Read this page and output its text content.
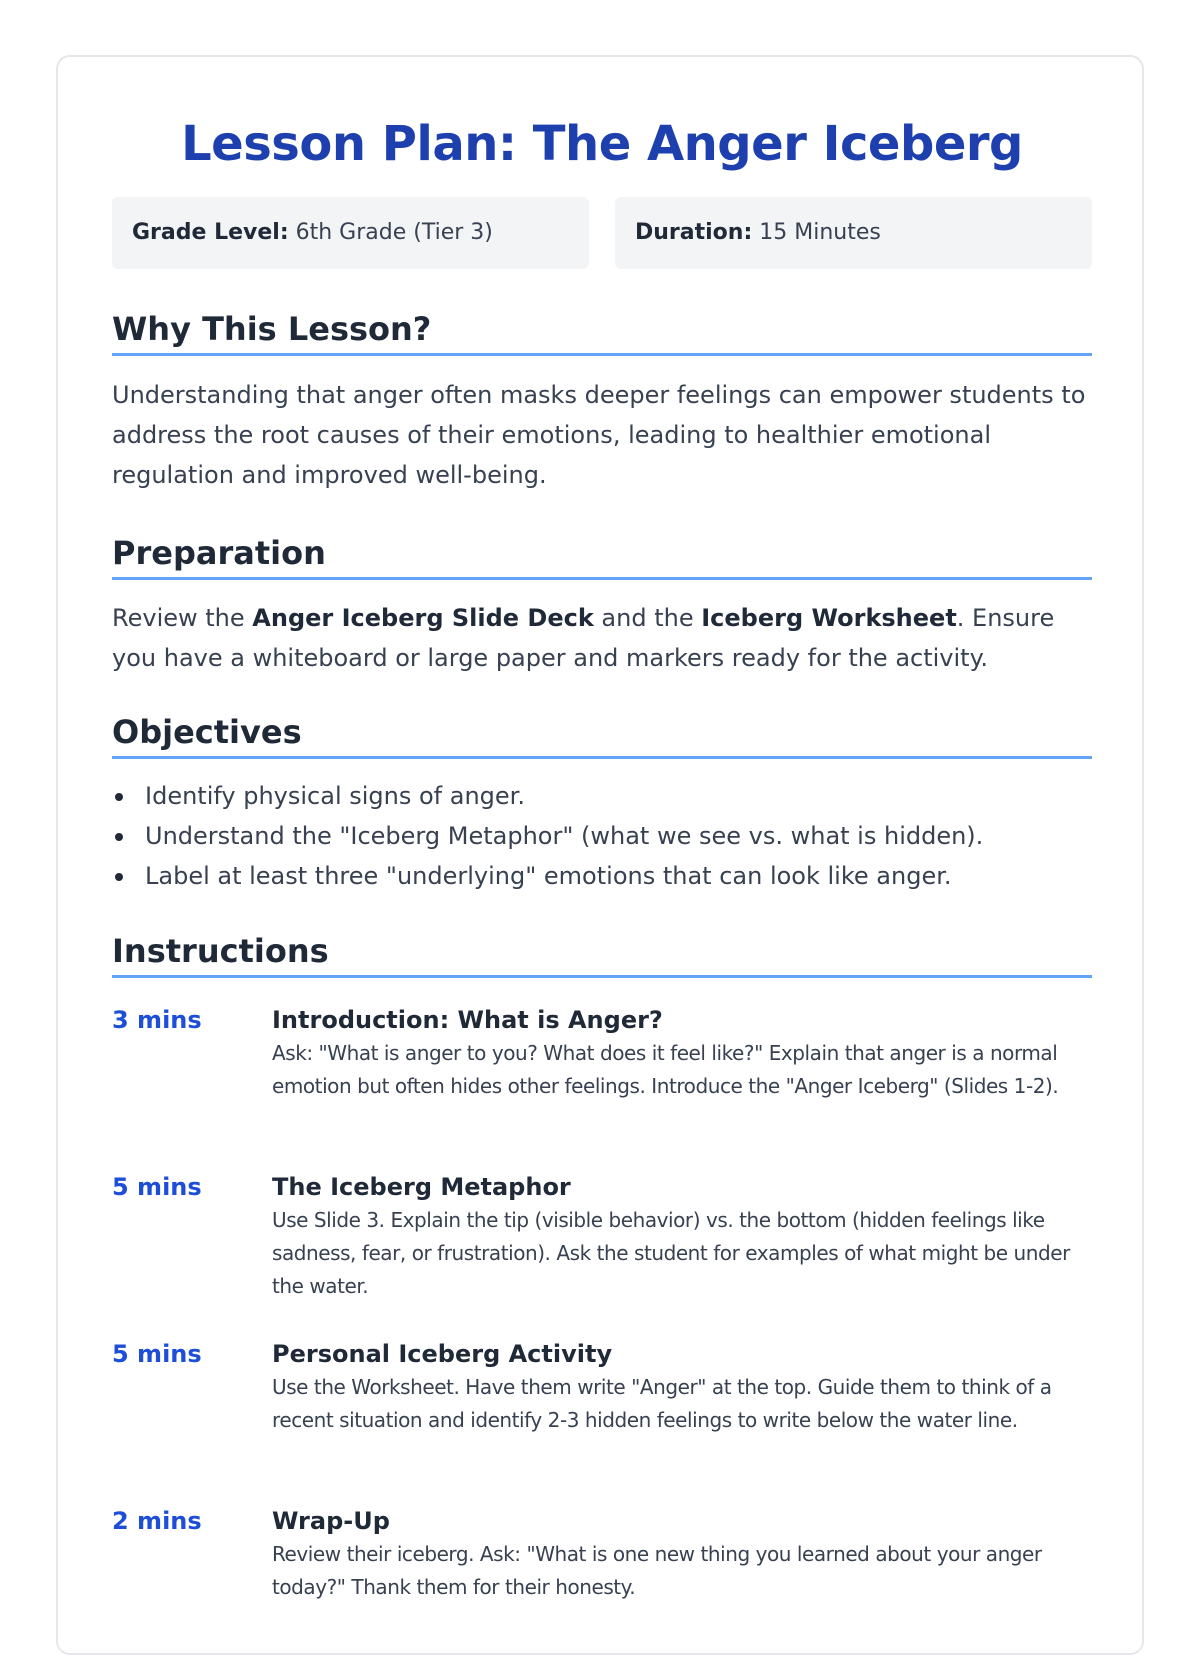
Lesson Plan: The Anger Iceberg
Grade Level: 6th Grade (Tier 3)	Duration: 15 Minutes
Why This Lesson?
Understanding that anger often masks deeper feelings can empower students to address the root causes of their emotions, leading to healthier emotional regulation and improved well-being.
Preparation
Review the Anger Iceberg Slide Deck and the Iceberg Worksheet. Ensure you have a whiteboard or large paper and markers ready for the activity.
Objectives
Identify physical signs of anger.
Understand the "Iceberg Metaphor" (what we see vs. what is hidden).
Label at least three "underlying" emotions that can look like anger.
Instructions
3 mins	Introduction: What is Anger?
Ask: "What is anger to you? What does it feel like?" Explain that anger is a normal emotion but often hides other feelings. Introduce the "Anger Iceberg" (Slides 1-2).
5 mins	The Iceberg Metaphor
Use Slide 3. Explain the tip (visible behavior) vs. the bottom (hidden feelings like sadness, fear, or frustration). Ask the student for examples of what might be under the water.
5 mins	Personal Iceberg Activity
Use the Worksheet. Have them write "Anger" at the top. Guide them to think of a recent situation and identify 2-3 hidden feelings to write below the water line.
2 mins	Wrap-Up
Review their iceberg. Ask: "What is one new thing you learned about your anger today?" Thank them for their honesty.
